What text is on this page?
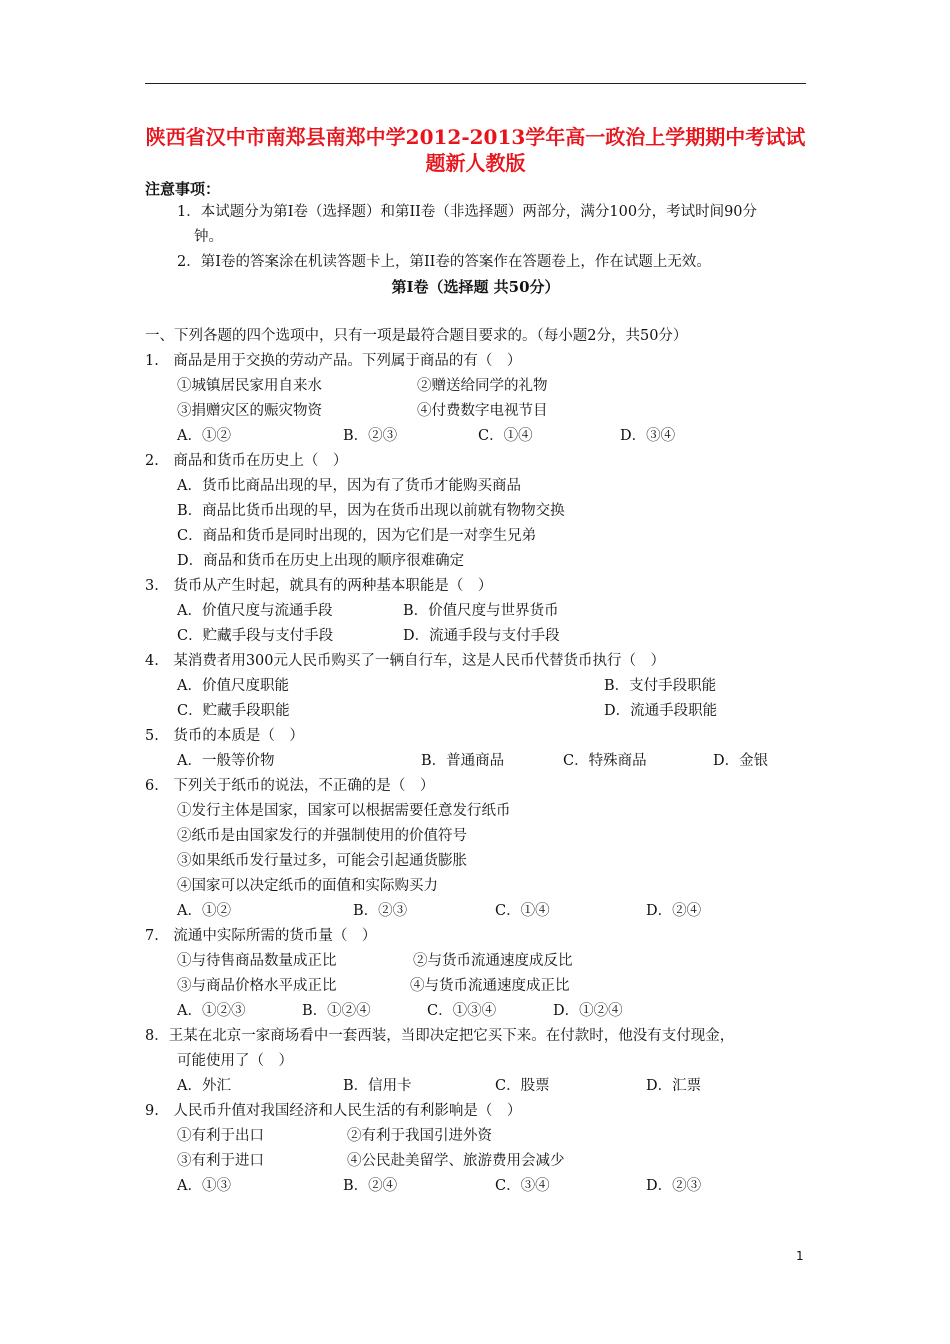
陕西省汉中市南郑县南郑中学2012-2013学年高一政治上学期期中考试试题新人教版
注意事项：
1．本试题分为第I卷（选择题）和第II卷（非选择题）两部分，满分100分，考试时间90分
钟。
2．第I卷的答案涂在机读答题卡上，第II卷的答案作在答题卷上，作在试题上无效。
第Ⅰ卷（选择题 共50分）
一、下列各题的四个选项中，只有一项是最符合题目要求的。（每小题2分，共50分）
1.　商品是用于交换的劳动产品。下列属于商品的有（　）
①城镇居民家用自来水	②赠送给同学的礼物
③捐赠灾区的赈灾物资	④付费数字电视节目
A．①②	B．②③	C．①④	D．③④
2.　商品和货币在历史上（　）
A．货币比商品出现的早，因为有了货币才能购买商品
B．商品比货币出现的早，因为在货币出现以前就有物物交换
C．商品和货币是同时出现的，因为它们是一对孪生兄弟
D．商品和货币在历史上出现的顺序很难确定
3.　货币从产生时起，就具有的两种基本职能是（　）
A．价值尺度与流通手段	B．价值尺度与世界货币
C．贮藏手段与支付手段	D．流通手段与支付手段
4.　某消费者用300元人民币购买了一辆自行车，这是人民币代替货币执行（　）
A．价值尺度职能	B．支付手段职能
C．贮藏手段职能	D．流通手段职能
5.　货币的本质是（　）
A．一般等价物	B．普通商品	C．特殊商品	D．金银
6.　下列关于纸币的说法，不正确的是（　）
①发行主体是国家，国家可以根据需要任意发行纸币
②纸币是由国家发行的并强制使用的价值符号
③如果纸币发行量过多，可能会引起通货膨胀
④国家可以决定纸币的面值和实际购买力
A．①②	B．②③	C．①④	D．②④
7.　流通中实际所需的货币量（　）
①与待售商品数量成正比	②与货币流通速度成反比
③与商品价格水平成正比	④与货币流通速度成正比
A．①②③	B．①②④	C．①③④	D．①②④
8．王某在北京一家商场看中一套西装，当即决定把它买下来。在付款时，他没有支付现金，
可能使用了（　）
A．外汇	B．信用卡	C．股票	D．汇票
9.　人民币升值对我国经济和人民生活的有利影响是（　）
①有利于出口	②有利于我国引进外资
③有利于进口	④公民赴美留学、旅游费用会减少
A．①③	B．②④	C．③④	D．②③
1
